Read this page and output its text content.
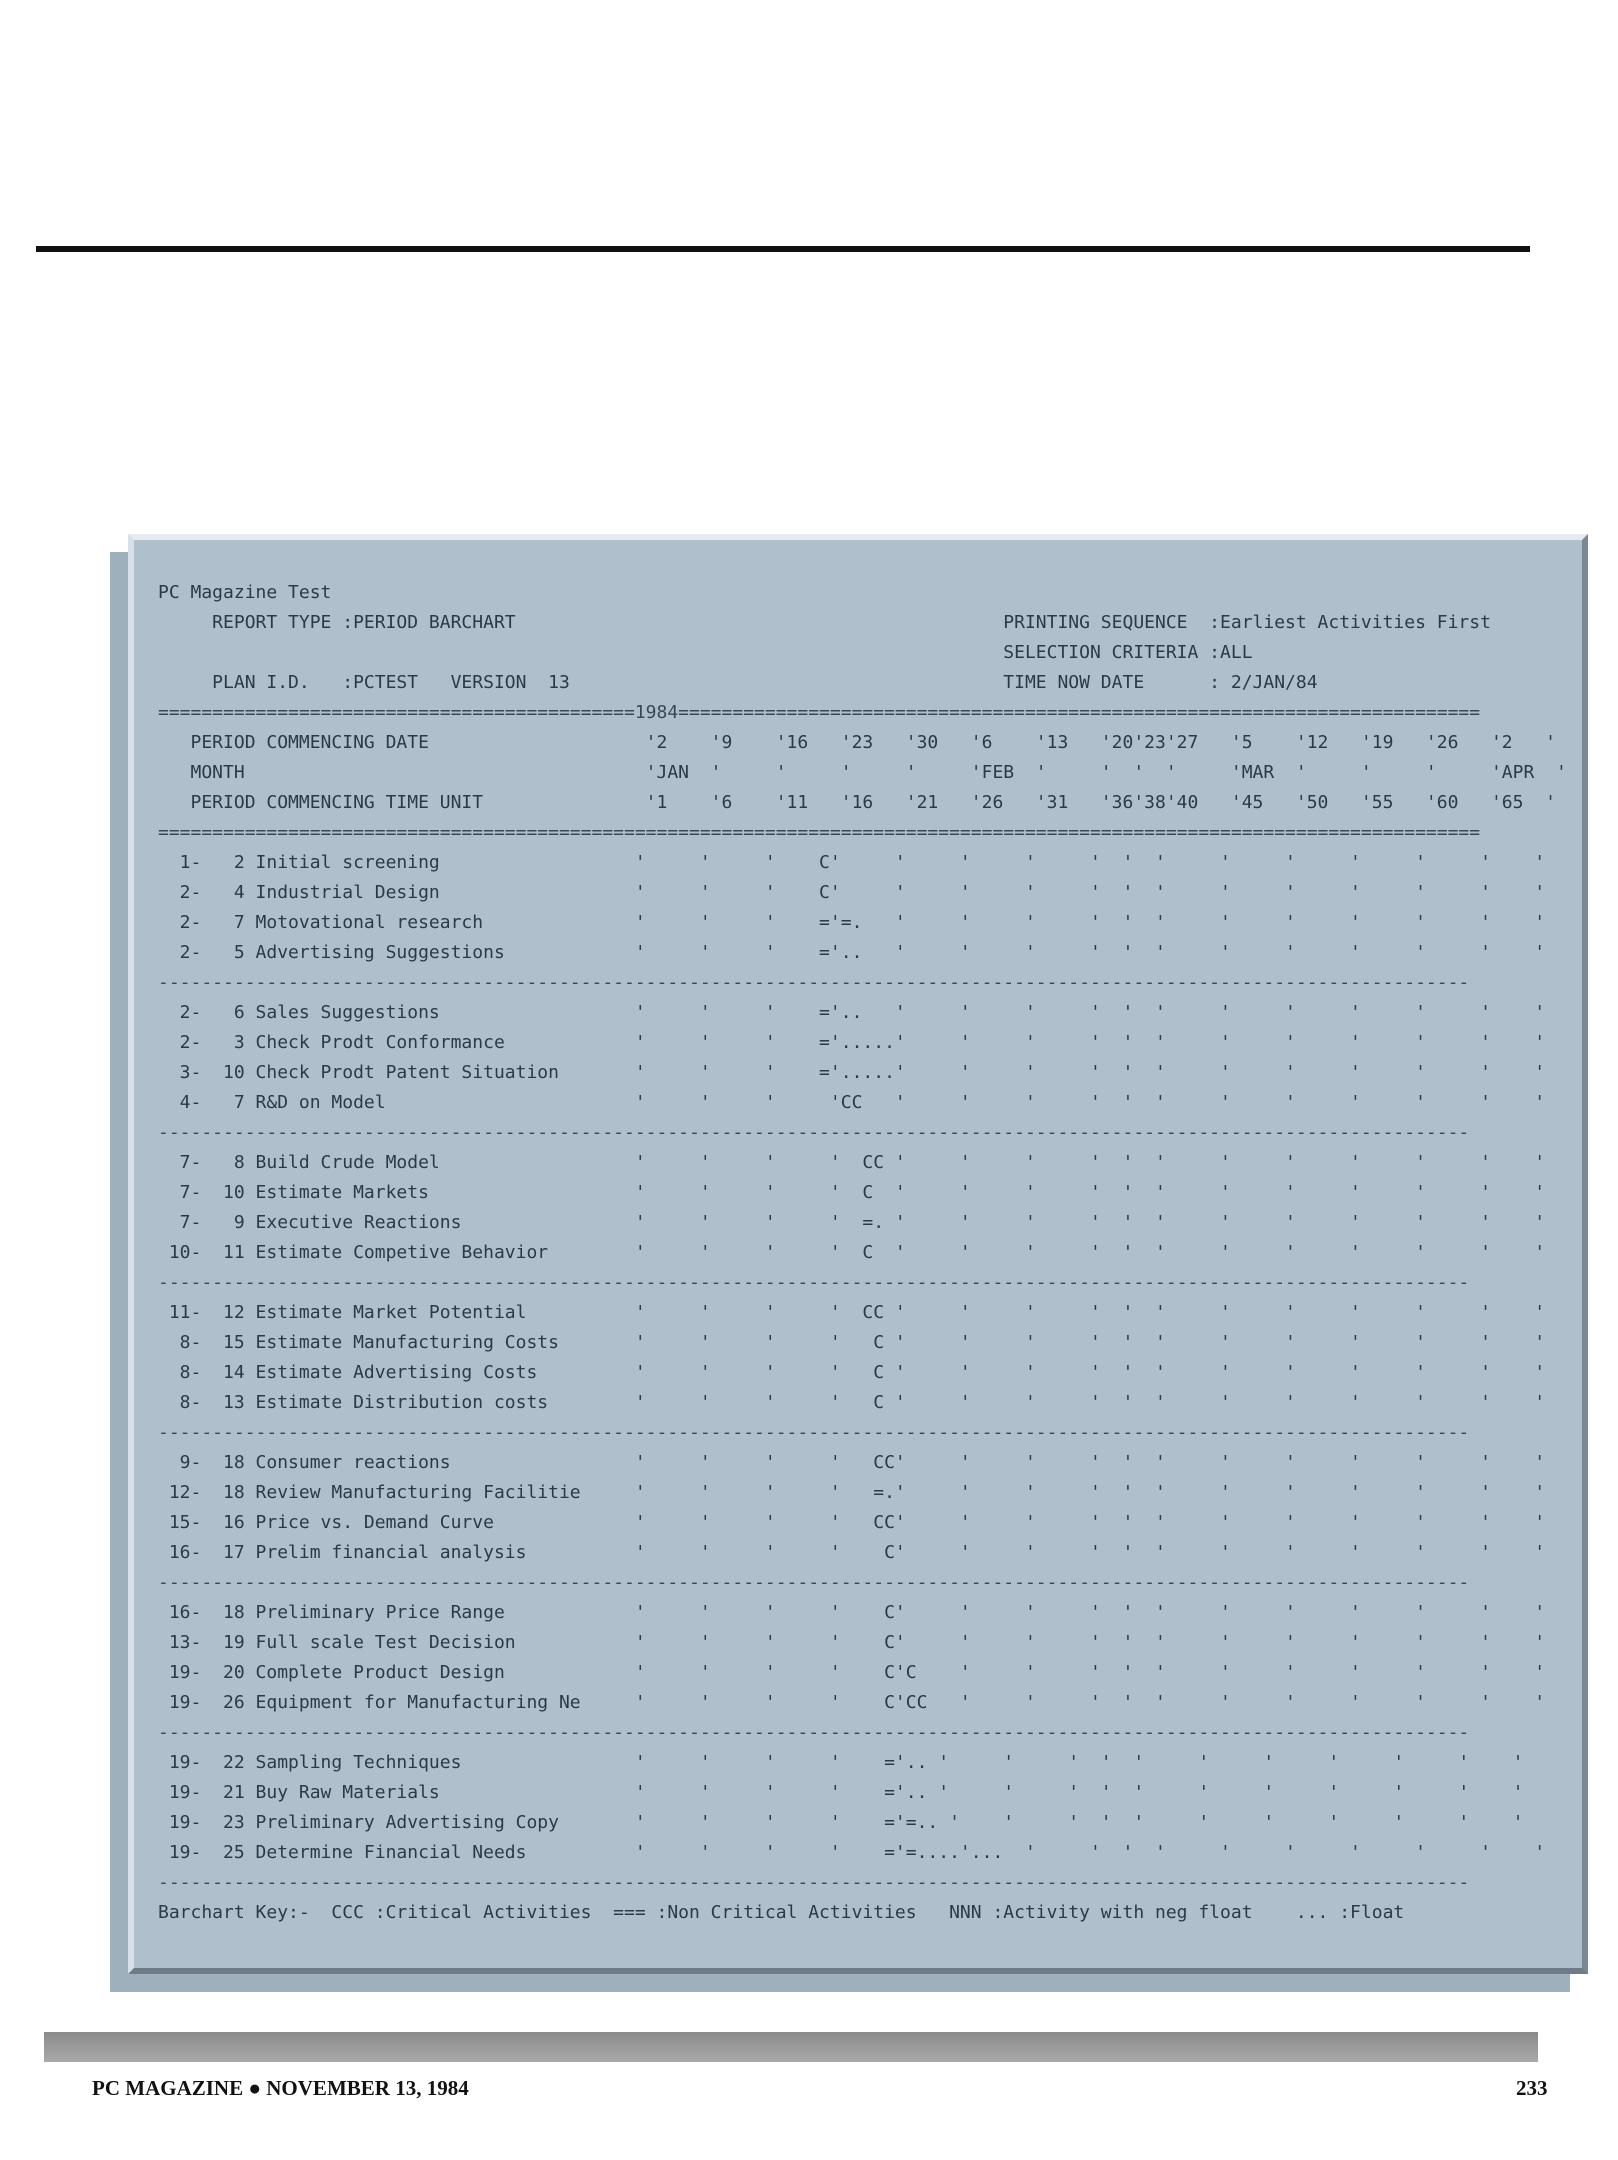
PC Magazine Test
REPORT TYPE :PERIOD BARCHART                                             PRINTING SEQUENCE  :Earliest Activities First
SELECTION CRITERIA :ALL
PLAN I.D.   :PCTEST   VERSION  13                                        TIME NOW DATE      : 2/JAN/84
============================================1984==========================================================================
PERIOD COMMENCING DATE                    '2    '9    '16   '23   '30   '6    '13   '20'23'27   '5    '12   '19   '26   '2   '
MONTH                                     'JAN  '     '     '     '     'FEB  '     '  '  '     'MAR  '     '     '     'APR  '
PERIOD COMMENCING TIME UNIT               '1    '6    '11   '16   '21   '26   '31   '36'38'40   '45   '50   '55   '60   '65  '
==========================================================================================================================
1-   2 Initial screening                  '     '     '    C'     '     '     '     '  '  '     '     '     '     '     '    '
2-   4 Industrial Design                  '     '     '    C'     '     '     '     '  '  '     '     '     '     '     '    '
2-   7 Motovational research              '     '     '    ='=.   '     '     '     '  '  '     '     '     '     '     '    '
2-   5 Advertising Suggestions            '     '     '    ='..   '     '     '     '  '  '     '     '     '     '     '    '
-------------------------------------------------------------------------------------------------------------------------
2-   6 Sales Suggestions                  '     '     '    ='..   '     '     '     '  '  '     '     '     '     '     '    '
2-   3 Check Prodt Conformance            '     '     '    ='.....'     '     '     '  '  '     '     '     '     '     '    '
3-  10 Check Prodt Patent Situation       '     '     '    ='.....'     '     '     '  '  '     '     '     '     '     '    '
4-   7 R&D on Model                       '     '     '     'CC   '     '     '     '  '  '     '     '     '     '     '    '
-------------------------------------------------------------------------------------------------------------------------
7-   8 Build Crude Model                  '     '     '     '  CC '     '     '     '  '  '     '     '     '     '     '    '
7-  10 Estimate Markets                   '     '     '     '  C  '     '     '     '  '  '     '     '     '     '     '    '
7-   9 Executive Reactions                '     '     '     '  =. '     '     '     '  '  '     '     '     '     '     '    '
10-  11 Estimate Competive Behavior        '     '     '     '  C  '     '     '     '  '  '     '     '     '     '     '    '
-------------------------------------------------------------------------------------------------------------------------
11-  12 Estimate Market Potential          '     '     '     '  CC '     '     '     '  '  '     '     '     '     '     '    '
8-  15 Estimate Manufacturing Costs       '     '     '     '   C '     '     '     '  '  '     '     '     '     '     '    '
8-  14 Estimate Advertising Costs         '     '     '     '   C '     '     '     '  '  '     '     '     '     '     '    '
8-  13 Estimate Distribution costs        '     '     '     '   C '     '     '     '  '  '     '     '     '     '     '    '
-------------------------------------------------------------------------------------------------------------------------
9-  18 Consumer reactions                 '     '     '     '   CC'     '     '     '  '  '     '     '     '     '     '    '
12-  18 Review Manufacturing Facilitie     '     '     '     '   =.'     '     '     '  '  '     '     '     '     '     '    '
15-  16 Price vs. Demand Curve             '     '     '     '   CC'     '     '     '  '  '     '     '     '     '     '    '
16-  17 Prelim financial analysis          '     '     '     '    C'     '     '     '  '  '     '     '     '     '     '    '
-------------------------------------------------------------------------------------------------------------------------
16-  18 Preliminary Price Range            '     '     '     '    C'     '     '     '  '  '     '     '     '     '     '    '
13-  19 Full scale Test Decision           '     '     '     '    C'     '     '     '  '  '     '     '     '     '     '    '
19-  20 Complete Product Design            '     '     '     '    C'C    '     '     '  '  '     '     '     '     '     '    '
19-  26 Equipment for Manufacturing Ne     '     '     '     '    C'CC   '     '     '  '  '     '     '     '     '     '    '
-------------------------------------------------------------------------------------------------------------------------
19-  22 Sampling Techniques                '     '     '     '    ='.. '     '     '  '  '     '     '     '     '     '    '
19-  21 Buy Raw Materials                  '     '     '     '    ='.. '     '     '  '  '     '     '     '     '     '    '
19-  23 Preliminary Advertising Copy       '     '     '     '    ='=.. '    '     '  '  '     '     '     '     '     '    '
19-  25 Determine Financial Needs          '     '     '     '    ='=....'...  '     '  '  '     '     '     '     '     '    '
-------------------------------------------------------------------------------------------------------------------------
Barchart Key:-  CCC :Critical Activities  === :Non Critical Activities   NNN :Activity with neg float    ... :Float
PC MAGAZINE ● NOVEMBER 13, 1984	233
